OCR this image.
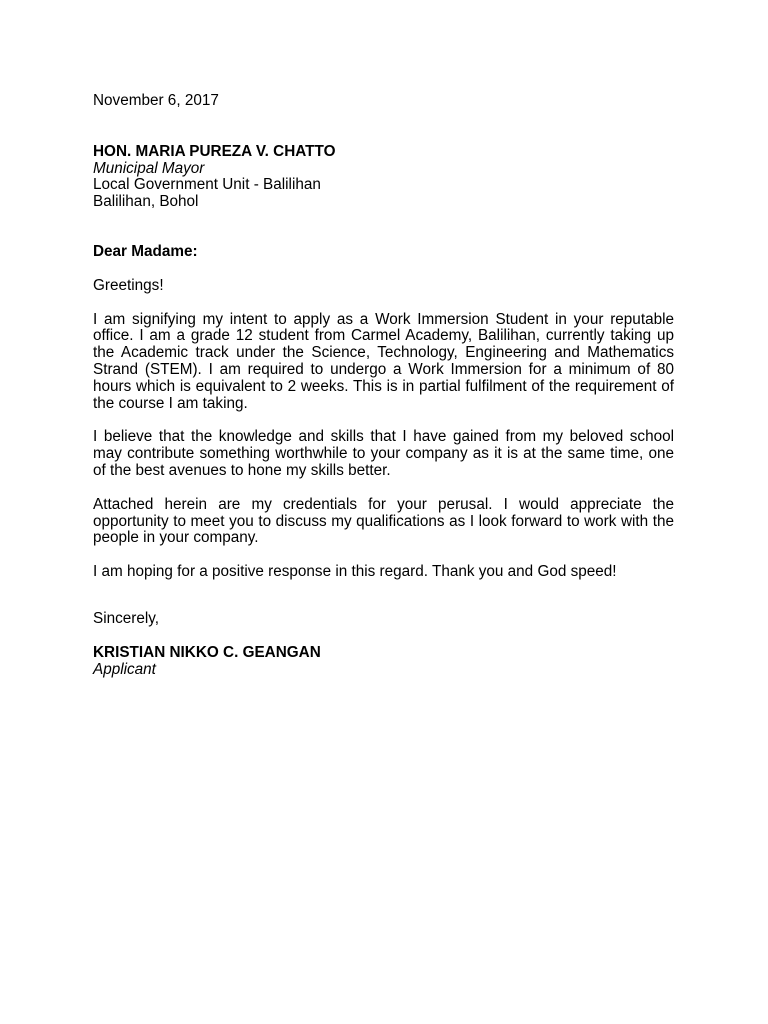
November 6, 2017
HON. MARIA PUREZA V. CHATTO
Municipal Mayor
Local Government Unit - Balilihan
Balilihan, Bohol
Dear Madame:
Greetings!

I am signifying my intent to apply as a Work Immersion Student in your reputable office. I am a grade 12 student from Carmel Academy, Balilihan, currently taking up the Academic track under the Science, Technology, Engineering and Mathematics Strand (STEM). I am required to undergo a Work Immersion for a minimum of 80 hours which is equivalent to 2 weeks. This is in partial fulfilment of the requirement of the course I am taking.

I believe that the knowledge and skills that I have gained from my beloved school may contribute something worthwhile to your company as it is at the same time, one of the best avenues to hone my skills better.

Attached herein are my credentials for your perusal. I would appreciate the opportunity to meet you to discuss my qualifications as I look forward to work with the people in your company.

I am hoping for a positive response in this regard. Thank you and God speed!

Sincerely,
KRISTIAN NIKKO C. GEANGAN
Applicant
